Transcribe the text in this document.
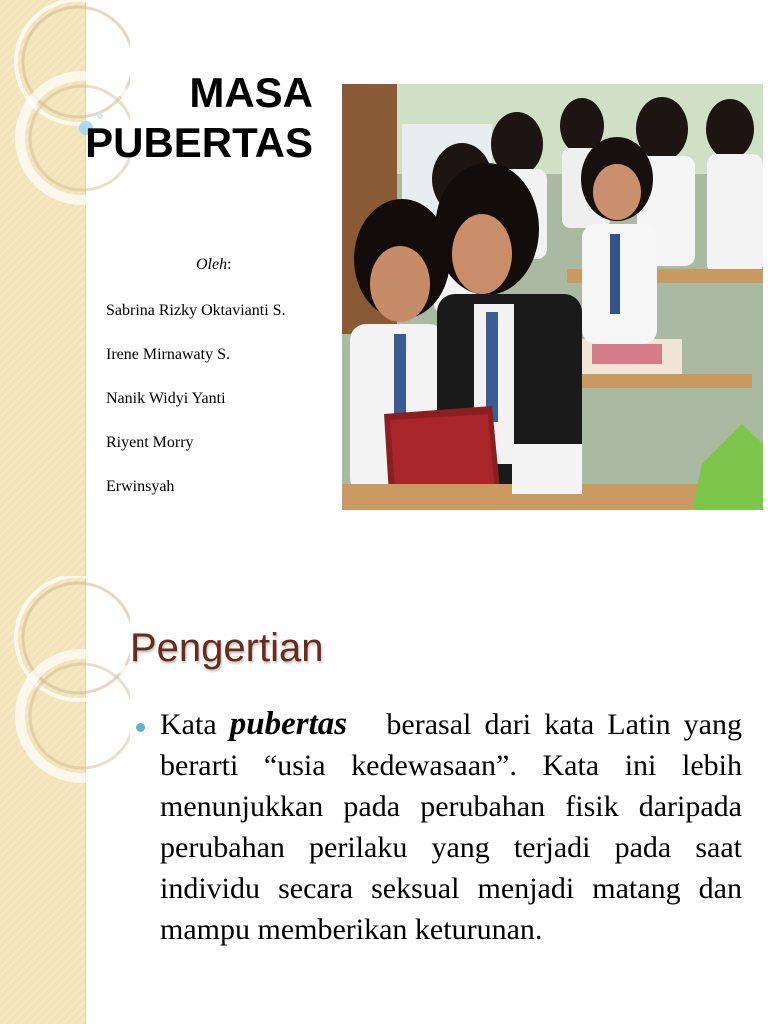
MASA
PUBERTAS
Oleh:
Sabrina Rizky Oktavianti S.
Irene Mirnawaty S.
Nanik Widyi Yanti
Riyent Morry
Erwinsyah
Pengertian
Kata pubertas   berasal dari kata Latin yang berarti “usia kedewasaan”. Kata ini lebih menunjukkan pada perubahan fisik daripada perubahan perilaku yang terjadi pada saat individu secara seksual menjadi matang dan mampu memberikan keturunan.
